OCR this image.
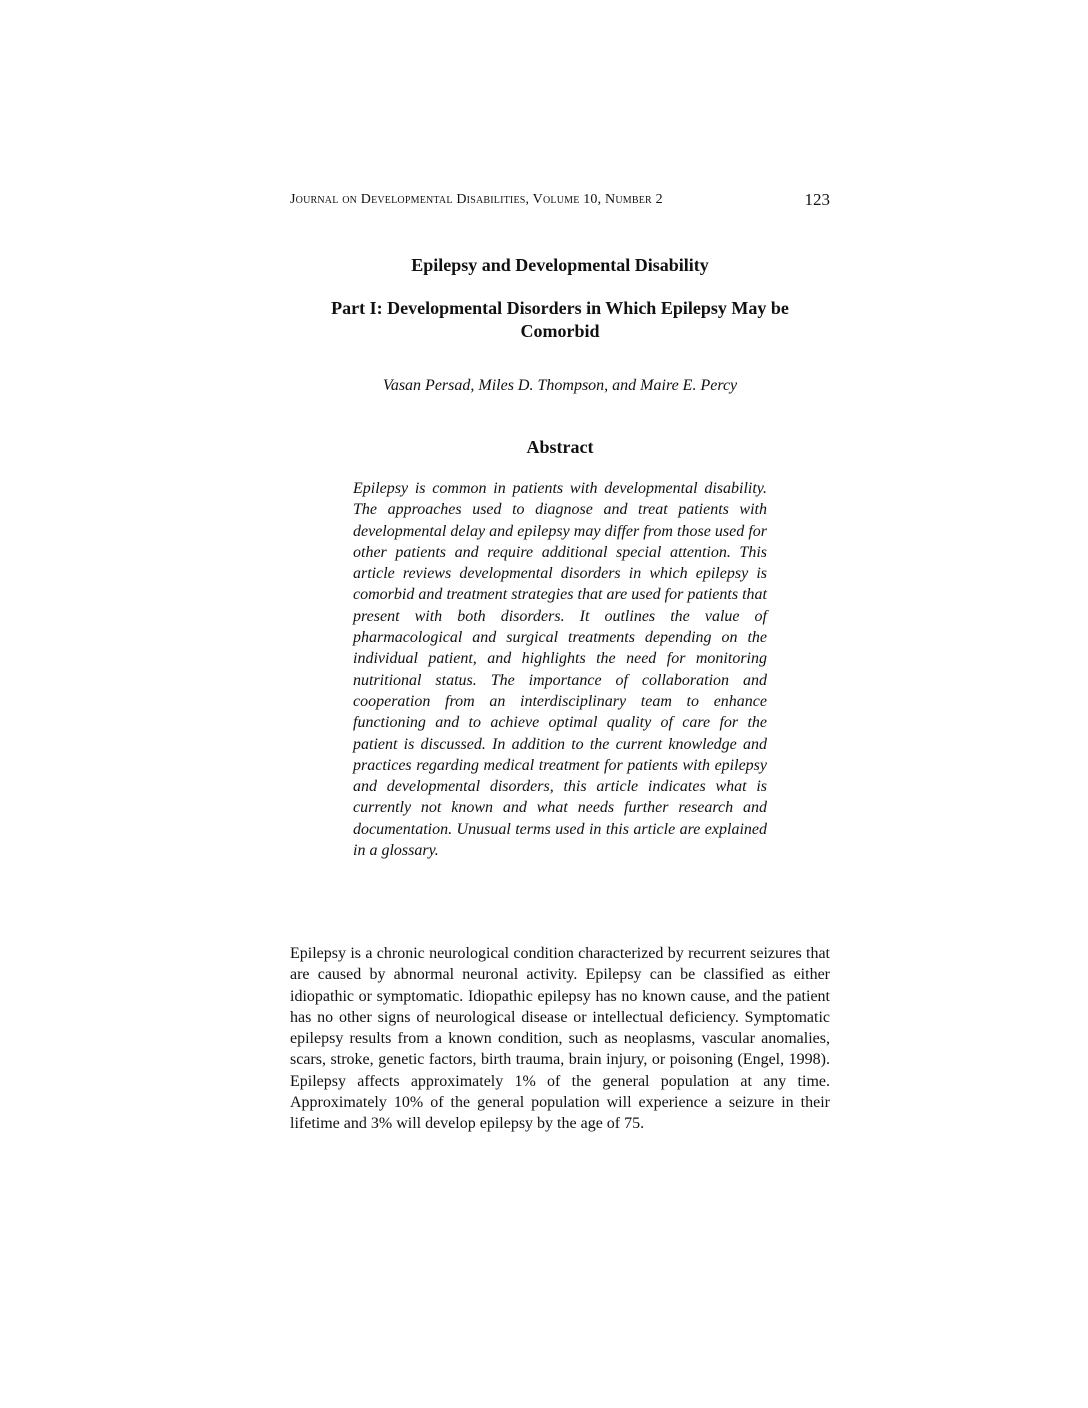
Journal on Developmental Disabilities, Volume 10, Number 2	123
Epilepsy and Developmental Disability
Part I: Developmental Disorders in Which Epilepsy May be Comorbid
Vasan Persad, Miles D. Thompson, and Maire E. Percy
Abstract

Epilepsy is common in patients with developmental disability. The approaches used to diagnose and treat patients with developmental delay and epilepsy may differ from those used for other patients and require additional special attention. This article reviews developmental disorders in which epilepsy is comorbid and treatment strategies that are used for patients that present with both disorders. It outlines the value of pharmacological and surgical treatments depending on the individual patient, and highlights the need for monitoring nutritional status. The importance of collaboration and cooperation from an interdisciplinary team to enhance functioning and to achieve optimal quality of care for the patient is discussed. In addition to the current knowledge and practices regarding medical treatment for patients with epilepsy and developmental disorders, this article indicates what is currently not known and what needs further research and documentation. Unusual terms used in this article are explained in a glossary.

Epilepsy is a chronic neurological condition characterized by recurrent seizures that are caused by abnormal neuronal activity. Epilepsy can be classified as either idiopathic or symptomatic. Idiopathic epilepsy has no known cause, and the patient has no other signs of neurological disease or intellectual deficiency. Symptomatic epilepsy results from a known condition, such as neoplasms, vascular anomalies, scars, stroke, genetic factors, birth trauma, brain injury, or poisoning (Engel, 1998). Epilepsy affects approximately 1% of the general population at any time. Approximately 10% of the general population will experience a seizure in their lifetime and 3% will develop epilepsy by the age of 75.
